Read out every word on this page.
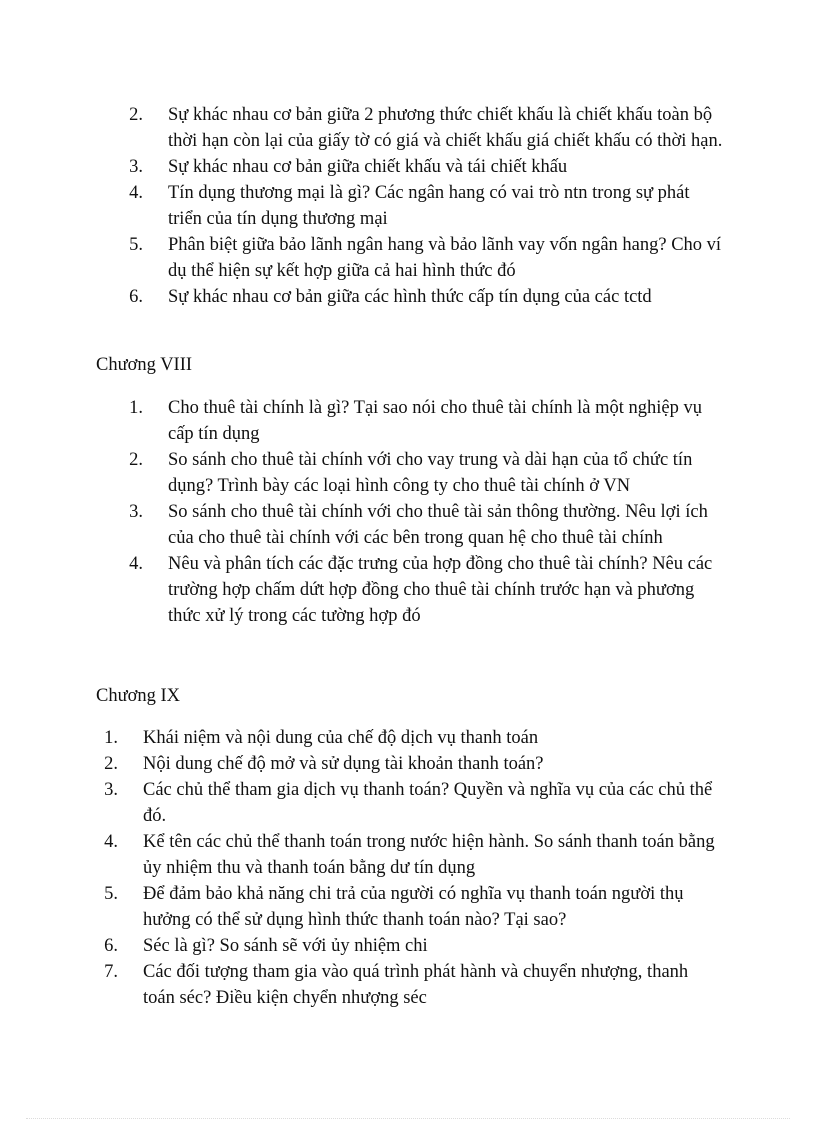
2.	Sự khác nhau cơ bản giữa 2 phương thức chiết khấu là chiết khấu toàn bộ thời hạn còn lại của giấy tờ có giá và chiết khấu giá chiết khấu có thời hạn.
3.	Sự khác nhau cơ bản giữa chiết khấu và tái chiết khấu
4.	Tín dụng thương mại là gì? Các ngân hang có vai trò ntn trong sự phát triển của tín dụng thương mại
5.	Phân biệt giữa bảo lãnh ngân hang và bảo lãnh vay vốn ngân hang? Cho ví dụ thể hiện sự kết hợp giữa cả hai hình thức đó
6.	Sự khác nhau cơ bản giữa các hình thức cấp tín dụng của các tctd
Chương VIII
1.	Cho thuê tài chính là gì? Tại sao nói cho thuê tài chính là một nghiệp vụ cấp tín dụng
2.	So sánh cho thuê tài chính với cho vay trung và dài hạn của tổ chức tín dụng? Trình bày các loại hình công ty cho thuê tài chính ở VN
3.	So sánh cho thuê tài chính với cho thuê tài sản thông thường. Nêu lợi ích của cho thuê tài chính với các bên trong quan hệ cho thuê tài chính
4.	Nêu và phân tích các đặc trưng của hợp đồng cho thuê tài chính? Nêu các trường hợp chấm dứt hợp đồng cho thuê tài chính trước hạn và phương thức xử lý trong các tường hợp đó
Chương IX
1.	Khái niệm và nội dung của chế độ dịch vụ thanh toán
2.	Nội dung chế độ mở và sử dụng tài khoản thanh toán?
3.	Các chủ thể tham gia dịch vụ thanh toán? Quyền và nghĩa vụ của các chủ thể đó.
4.	Kể tên các chủ thể thanh toán trong nước hiện hành. So sánh thanh toán bằng ủy nhiệm thu và thanh toán bằng dư tín dụng
5.	Để đảm bảo khả năng chi trả của người có nghĩa vụ thanh toán người thụ hưởng có thể sử dụng hình thức thanh toán nào? Tại sao?
6.	Séc là gì? So sánh sẽ với ủy nhiệm chi
7.	Các đối tượng tham gia vào quá trình phát hành và chuyển nhượng, thanh toán séc? Điều kiện chyển nhượng séc
